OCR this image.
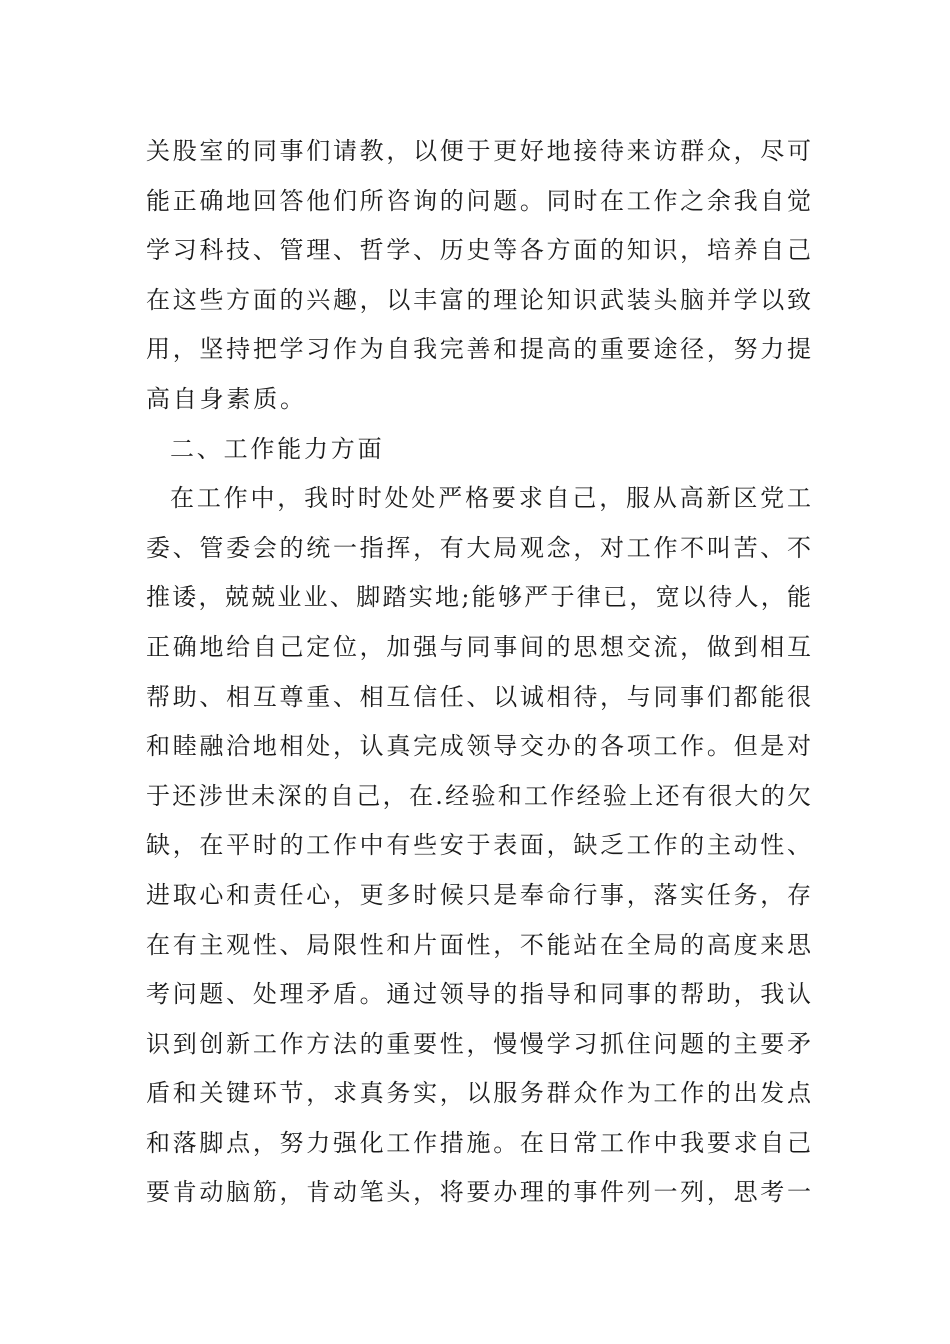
关股室的同事们请教，以便于更好地接待来访群众，尽可
能正确地回答他们所咨询的问题。同时在工作之余我自觉
学习科技、管理、哲学、历史等各方面的知识，培养自己
在这些方面的兴趣，以丰富的理论知识武装头脑并学以致
用，坚持把学习作为自我完善和提高的重要途径，努力提
高自身素质。
二、工作能力方面
在工作中，我时时处处严格要求自己，服从高新区党工
委、管委会的统一指挥，有大局观念，对工作不叫苦、不
推诿，兢兢业业、脚踏实地;能够严于律已，宽以待人，能
正确地给自己定位，加强与同事间的思想交流，做到相互
帮助、相互尊重、相互信任、以诚相待，与同事们都能很
和睦融洽地相处，认真完成领导交办的各项工作。但是对
于还涉世未深的自己，在.经验和工作经验上还有很大的欠
缺，在平时的工作中有些安于表面，缺乏工作的主动性、
进取心和责任心，更多时候只是奉命行事，落实任务，存
在有主观性、局限性和片面性，不能站在全局的高度来思
考问题、处理矛盾。通过领导的指导和同事的帮助，我认
识到创新工作方法的重要性，慢慢学习抓住问题的主要矛
盾和关键环节，求真务实，以服务群众作为工作的出发点
和落脚点，努力强化工作措施。在日常工作中我要求自己
要肯动脑筋，肯动笔头，将要办理的事件列一列，思考一
